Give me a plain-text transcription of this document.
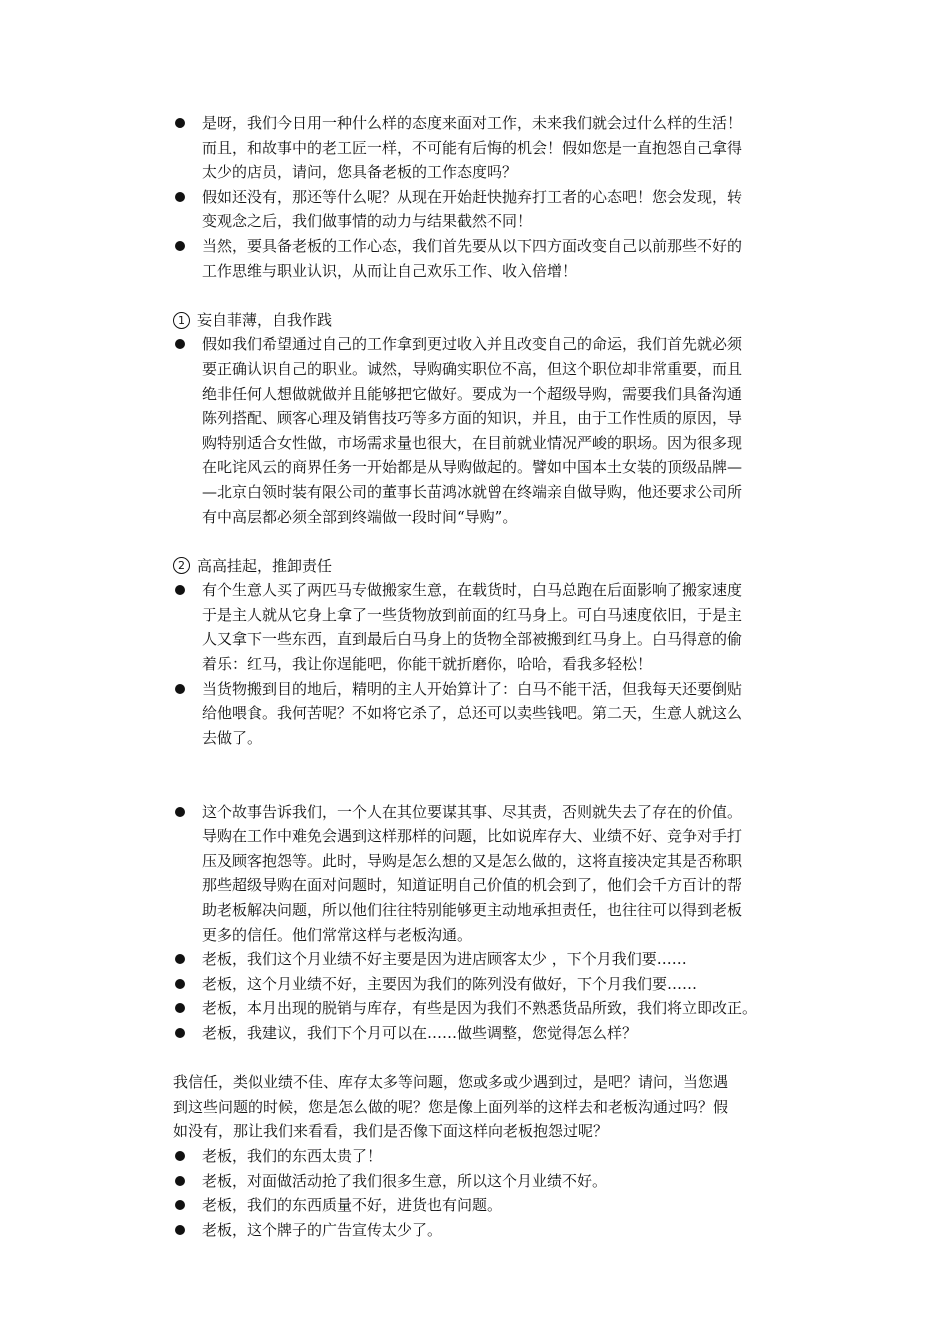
是呀，我们今日用一种什么样的态度来面对工作，未来我们就会过什么样的生活！
而且，和故事中的老工匠一样，不可能有后悔的机会！假如您是一直抱怨自己拿得
太少的店员，请问，您具备老板的工作态度吗？
假如还没有，那还等什么呢？从现在开始赶快抛弃打工者的心态吧！您会发现，转
变观念之后，我们做事情的动力与结果截然不同！
当然，要具备老板的工作心态，我们首先要从以下四方面改变自己以前那些不好的
工作思维与职业认识，从而让自己欢乐工作、收入倍增！
1 妄自菲薄，自我作践
假如我们希望通过自己的工作拿到更过收入并且改变自己的命运，我们首先就必须
要正确认识自己的职业。诚然，导购确实职位不高，但这个职位却非常重要，而且
绝非任何人想做就做并且能够把它做好。要成为一个超级导购，需要我们具备沟通
陈列搭配、顾客心理及销售技巧等多方面的知识，并且，由于工作性质的原因，导
购特别适合女性做，市场需求量也很大，在目前就业情况严峻的职场。因为很多现
在叱诧风云的商界任务一开始都是从导购做起的。譬如中国本土女装的顶级品牌—
—北京白领时装有限公司的董事长苗鸿冰就曾在终端亲自做导购，他还要求公司所
有中高层都必须全部到终端做一段时间“导购”。
2 高高挂起，推卸责任
有个生意人买了两匹马专做搬家生意，在载货时，白马总跑在后面影响了搬家速度
于是主人就从它身上拿了一些货物放到前面的红马身上。可白马速度依旧，于是主
人又拿下一些东西，直到最后白马身上的货物全部被搬到红马身上。白马得意的偷
着乐：红马，我让你逞能吧，你能干就折磨你，哈哈，看我多轻松！
当货物搬到目的地后，精明的主人开始算计了：白马不能干活，但我每天还要倒贴
给他喂食。我何苦呢？不如将它杀了，总还可以卖些钱吧。第二天，生意人就这么
去做了。
这个故事告诉我们，一个人在其位要谋其事、尽其责，否则就失去了存在的价值。
导购在工作中难免会遇到这样那样的问题，比如说库存大、业绩不好、竞争对手打
压及顾客抱怨等。此时，导购是怎么想的又是怎么做的，这将直接决定其是否称职
那些超级导购在面对问题时，知道证明自己价值的机会到了，他们会千方百计的帮
助老板解决问题，所以他们往往特别能够更主动地承担责任，也往往可以得到老板
更多的信任。他们常常这样与老板沟通。
老板，我们这个月业绩不好主要是因为进店顾客太少 ，下个月我们要……
老板，这个月业绩不好，主要因为我们的陈列没有做好，下个月我们要……
老板，本月出现的脱销与库存，有些是因为我们不熟悉货品所致，我们将立即改正。
老板，我建议，我们下个月可以在……做些调整，您觉得怎么样？

我信任，类似业绩不佳、库存太多等问题，您或多或少遇到过，是吧？请问，当您遇
到这些问题的时候，您是怎么做的呢？您是像上面列举的这样去和老板沟通过吗？假
如没有，那让我们来看看，我们是否像下面这样向老板抱怨过呢？

老板，我们的东西太贵了！
老板，对面做活动抢了我们很多生意，所以这个月业绩不好。
老板，我们的东西质量不好，进货也有问题。
老板，这个牌子的广告宣传太少了。
